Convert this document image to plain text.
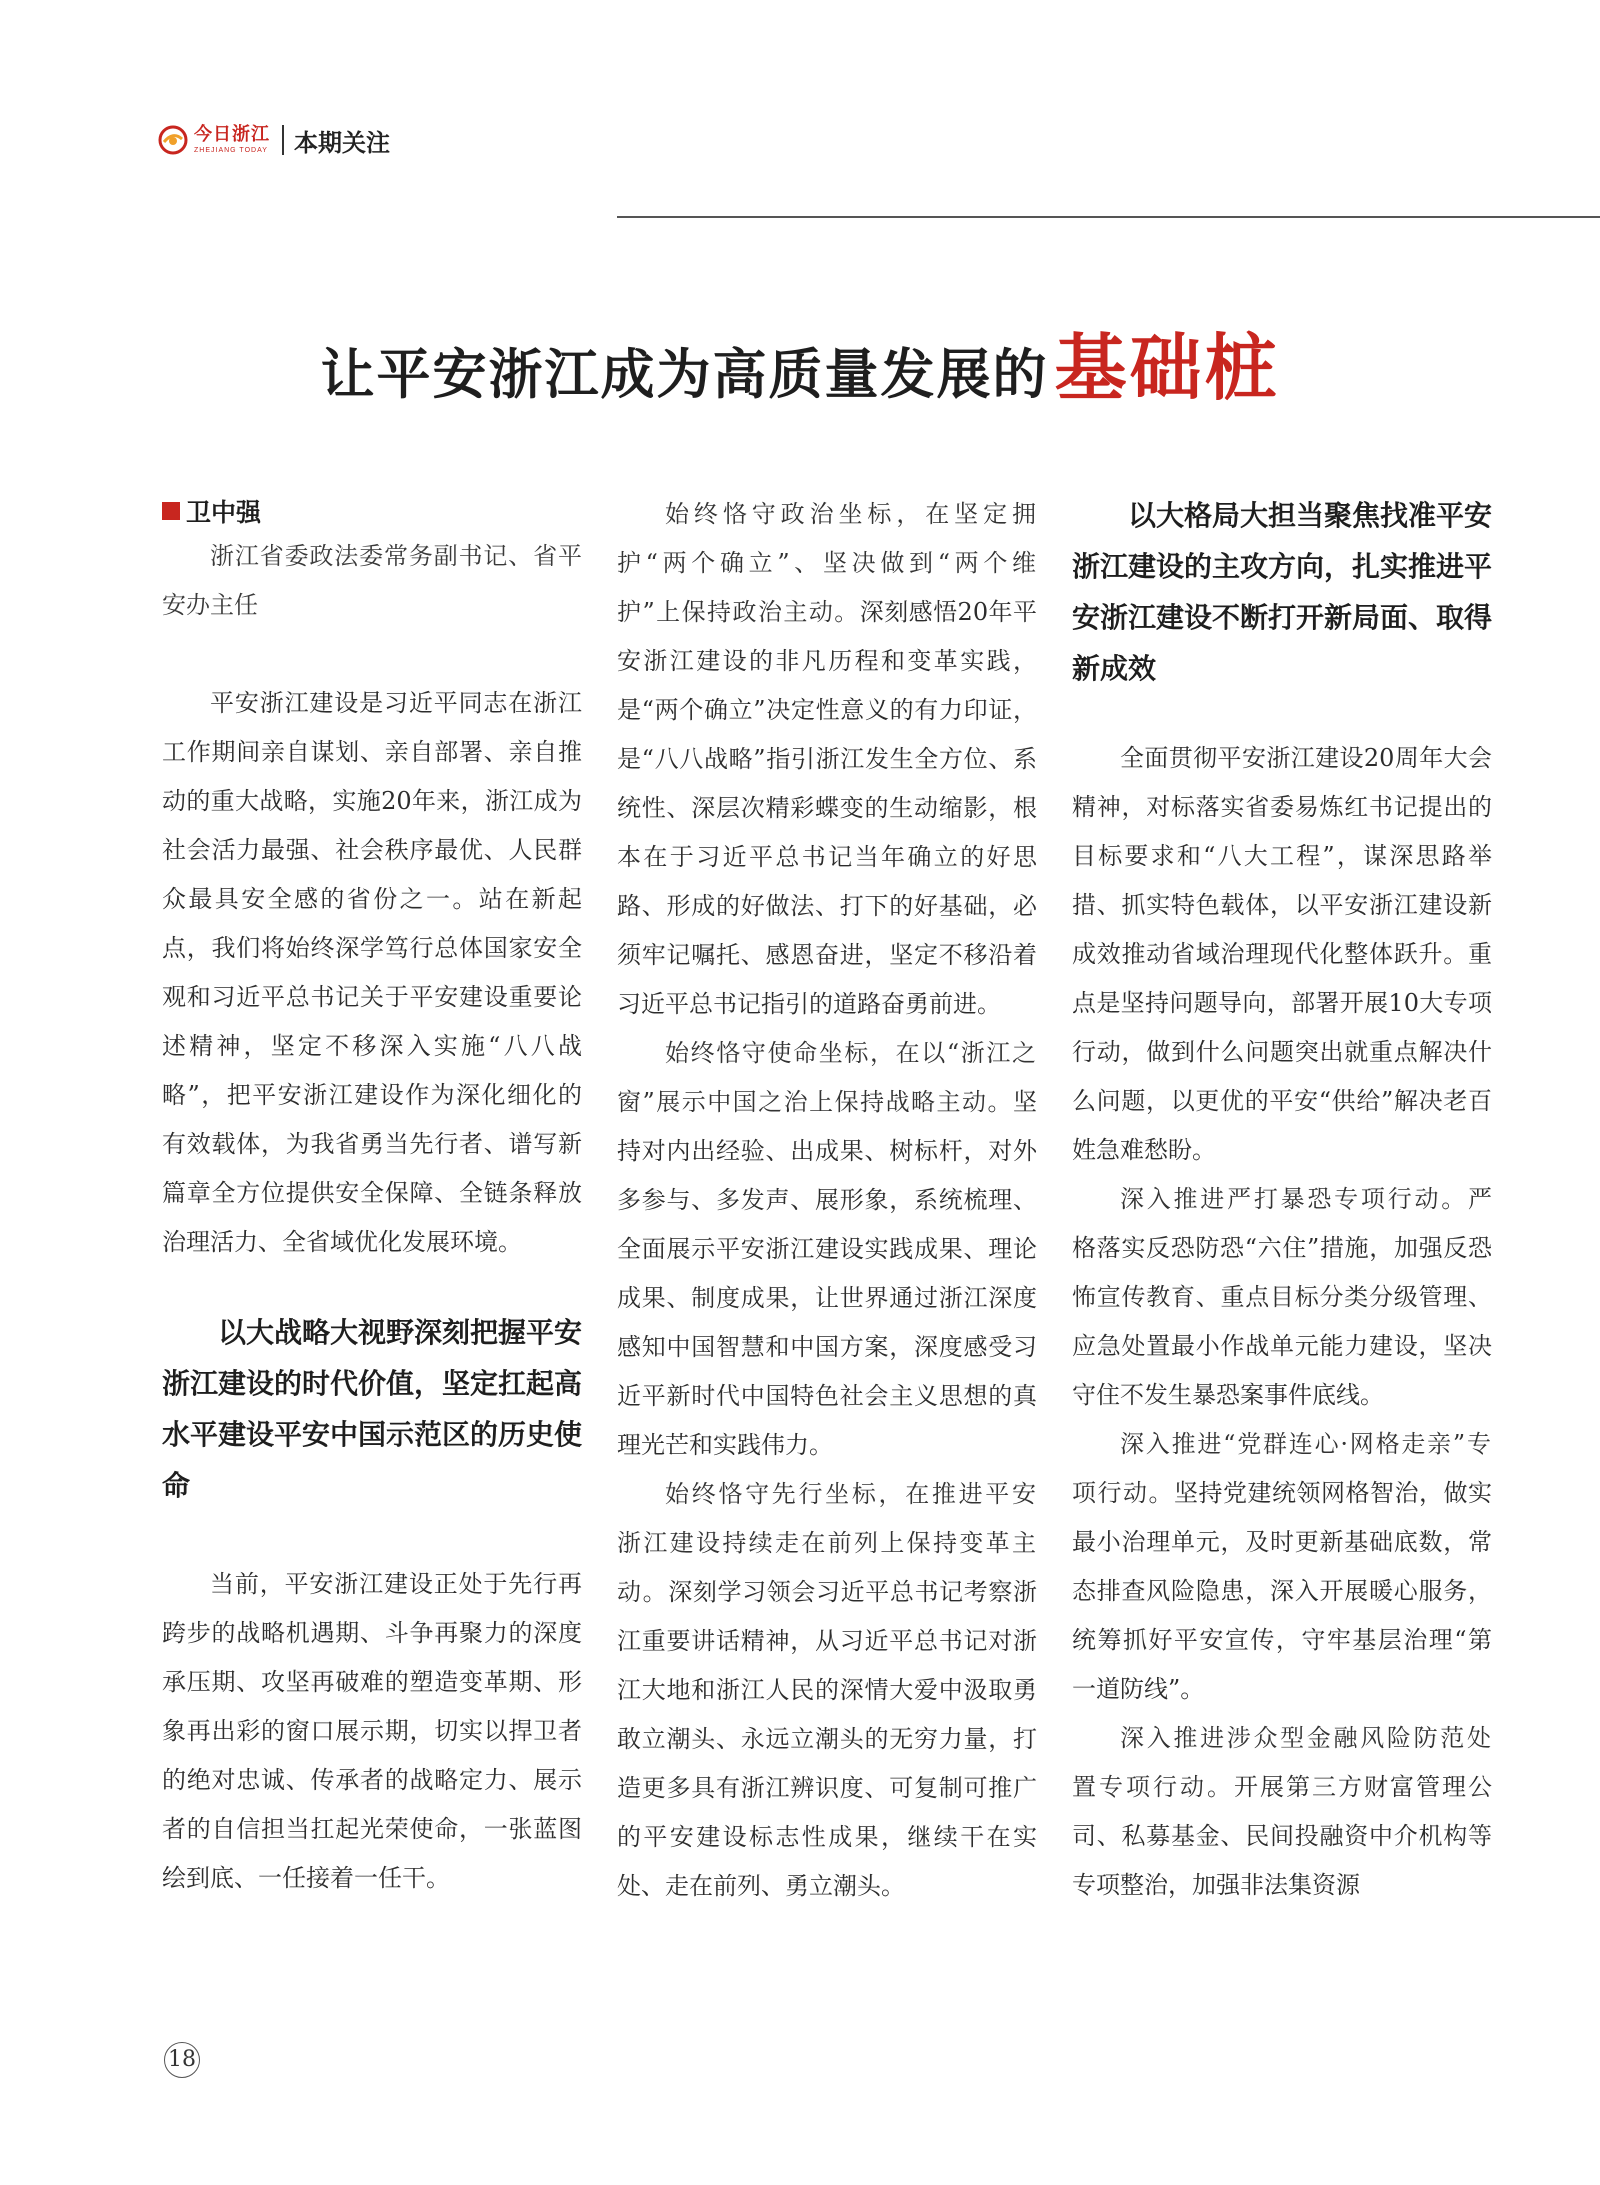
今日浙江
ZHEJIANG TODAY 本期关注
让平安浙江成为高质量发展的基础桩
卫中强

浙江省委政法委常务副书记、省平安办主任

平安浙江建设是习近平同志在浙江工作期间亲自谋划、亲自部署、亲自推动的重大战略，实施20年来，浙江成为社会活力最强、社会秩序最优、人民群众最具安全感的省份之一。站在新起点，我们将始终深学笃行总体国家安全观和习近平总书记关于平安建设重要论述精神，坚定不移深入实施“八八战略”，把平安浙江建设作为深化细化的有效载体，为我省勇当先行者、谱写新篇章全方位提供安全保障、全链条释放治理活力、全省域优化发展环境。

以大战略大视野深刻把握平安浙江建设的时代价值，坚定扛起高水平建设平安中国示范区的历史使命

当前，平安浙江建设正处于先行再跨步的战略机遇期、斗争再聚力的深度承压期、攻坚再破难的塑造变革期、形象再出彩的窗口展示期，切实以捍卫者的绝对忠诚、传承者的战略定力、展示者的自信担当扛起光荣使命，一张蓝图绘到底、一任接着一任干。

始终恪守政治坐标，在坚定拥护“两个确立”、坚决做到“两个维护”上保持政治主动。深刻感悟20年平安浙江建设的非凡历程和变革实践，是“两个确立”决定性意义的有力印证，是“八八战略”指引浙江发生全方位、系统性、深层次精彩蝶变的生动缩影，根本在于习近平总书记当年确立的好思路、形成的好做法、打下的好基础，必须牢记嘱托、感恩奋进，坚定不移沿着习近平总书记指引的道路奋勇前进。

始终恪守使命坐标，在以“浙江之窗”展示中国之治上保持战略主动。坚持对内出经验、出成果、树标杆，对外多参与、多发声、展形象，系统梳理、全面展示平安浙江建设实践成果、理论成果、制度成果，让世界通过浙江深度感知中国智慧和中国方案，深度感受习近平新时代中国特色社会主义思想的真理光芒和实践伟力。

始终恪守先行坐标，在推进平安浙江建设持续走在前列上保持变革主动。深刻学习领会习近平总书记考察浙江重要讲话精神，从习近平总书记对浙江大地和浙江人民的深情大爱中汲取勇敢立潮头、永远立潮头的无穷力量，打造更多具有浙江辨识度、可复制可推广的平安建设标志性成果，继续干在实处、走在前列、勇立潮头。

以大格局大担当聚焦找准平安浙江建设的主攻方向，扎实推进平安浙江建设不断打开新局面、取得新成效

全面贯彻平安浙江建设20周年大会精神，对标落实省委易炼红书记提出的目标要求和“八大工程”，谋深思路举措、抓实特色载体，以平安浙江建设新成效推动省域治理现代化整体跃升。重点是坚持问题导向，部署开展10大专项行动，做到什么问题突出就重点解决什么问题，以更优的平安“供给”解决老百姓急难愁盼。

深入推进严打暴恐专项行动。严格落实反恐防恐“六住”措施，加强反恐怖宣传教育、重点目标分类分级管理、应急处置最小作战单元能力建设，坚决守住不发生暴恐案事件底线。

深入推进“党群连心·网格走亲”专项行动。坚持党建统领网格智治，做实最小治理单元，及时更新基础底数，常态排查风险隐患，深入开展暖心服务，统筹抓好平安宣传，守牢基层治理“第一道防线”。

深入推进涉众型金融风险防范处置专项行动。开展第三方财富管理公司、私募基金、民间投融资中介机构等专项整治，加强非法集资源

18
